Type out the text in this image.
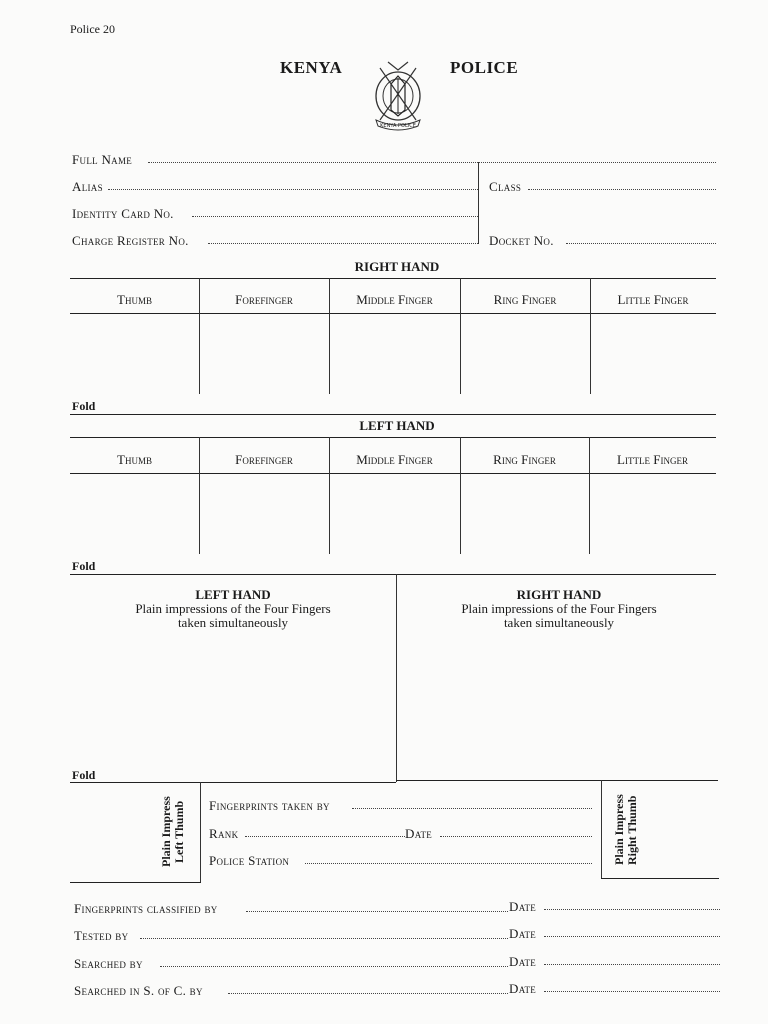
Police 20
KENYA	POLICE
KENYA POLICE
Full Name
Alias	Class
Identity Card No.
Charge Register No.	Docket No.
RIGHT HAND
Thumb	Forefinger	Middle Finger	Ring Finger	Little Finger
Fold
LEFT HAND
Thumb	Forefinger	Middle Finger	Ring Finger	Little Finger
Fold
LEFT HAND
Plain impressions of the Four Fingers
taken simultaneously
RIGHT HAND
Plain impressions of the Four Fingers
taken simultaneously
Fold
Plain Impress
Left Thumb	Plain Impress
Right Thumb
Fingerprints taken by
Rank	Date
Police Station
Fingerprints classified by	Date
Tested by	Date
Searched by	Date
Searched in S. of C. by	Date
